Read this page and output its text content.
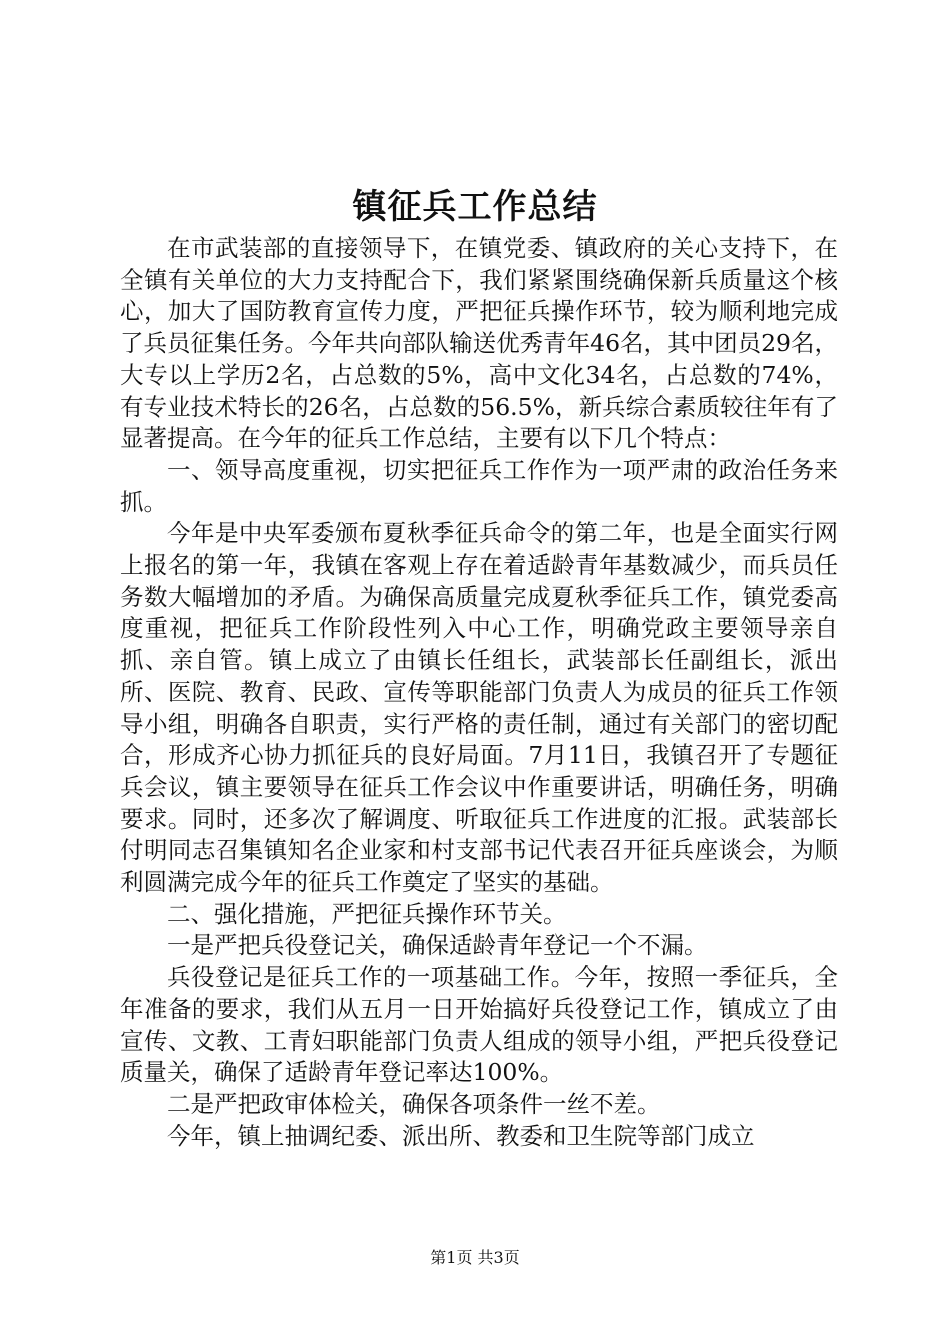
镇征兵工作总结

在市武装部的直接领导下，在镇党委、镇政府的关心支持下，在全镇有关单位的大力支持配合下，我们紧紧围绕确保新兵质量这个核心，加大了国防教育宣传力度，严把征兵操作环节，较为顺利地完成了兵员征集任务。今年共向部队输送优秀青年46名，其中团员29名，大专以上学历2名，占总数的5%，高中文化34名，占总数的74%，有专业技术特长的26名，占总数的56.5%，新兵综合素质较往年有了显著提高。在今年的征兵工作总结，主要有以下几个特点：

一、领导高度重视，切实把征兵工作作为一项严肃的政治任务来抓。

今年是中央军委颁布夏秋季征兵命令的第二年，也是全面实行网上报名的第一年，我镇在客观上存在着适龄青年基数减少，而兵员任务数大幅增加的矛盾。为确保高质量完成夏秋季征兵工作，镇党委高度重视，把征兵工作阶段性列入中心工作，明确党政主要领导亲自抓、亲自管。镇上成立了由镇长任组长，武装部长任副组长，派出所、医院、教育、民政、宣传等职能部门负责人为成员的征兵工作领导小组，明确各自职责，实行严格的责任制，通过有关部门的密切配合，形成齐心协力抓征兵的良好局面。7月11日，我镇召开了专题征兵会议，镇主要领导在征兵工作会议中作重要讲话，明确任务，明确要求。同时，还多次了解调度、听取征兵工作进度的汇报。武装部长付明同志召集镇知名企业家和村支部书记代表召开征兵座谈会，为顺利圆满完成今年的征兵工作奠定了坚实的基础。

二、强化措施，严把征兵操作环节关。

一是严把兵役登记关，确保适龄青年登记一个不漏。

兵役登记是征兵工作的一项基础工作。今年，按照一季征兵，全年准备的要求，我们从五月一日开始搞好兵役登记工作，镇成立了由宣传、文教、工青妇职能部门负责人组成的领导小组，严把兵役登记质量关，确保了适龄青年登记率达100%。

二是严把政审体检关，确保各项条件一丝不差。

今年，镇上抽调纪委、派出所、教委和卫生院等部门成立

第1页 共3页
